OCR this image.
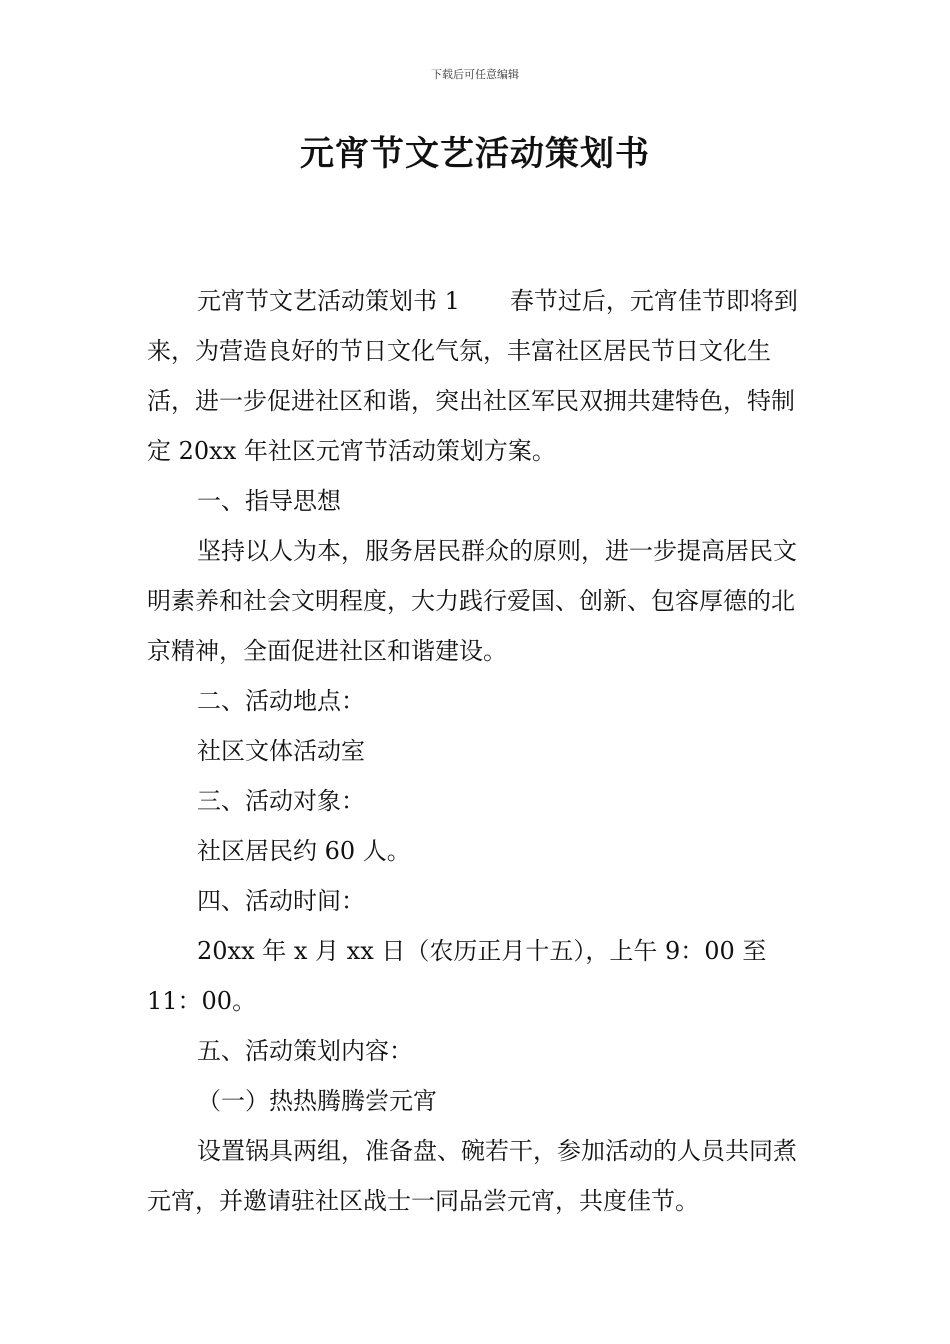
下载后可任意编辑
元宵节文艺活动策划书

元宵节文艺活动策划书 1 春节过后，元宵佳节即将到来，为营造良好的节日文化气氛，丰富社区居民节日文化生活，进一步促进社区和谐，突出社区军民双拥共建特色，特制定 20xx 年社区元宵节活动策划方案。

一、指导思想

坚持以人为本，服务居民群众的原则，进一步提高居民文明素养和社会文明程度，大力践行爱国、创新、包容厚德的北京精神，全面促进社区和谐建设。

二、活动地点：

社区文体活动室

三、活动对象：

社区居民约 60 人。

四、活动时间：

20xx 年 x 月 xx 日（农历正月十五），上午 9：00 至 11：00。

五、活动策划内容：

（一）热热腾腾尝元宵

设置锅具两组，准备盘、碗若干，参加活动的人员共同煮元宵，并邀请驻社区战士一同品尝元宵，共度佳节。
